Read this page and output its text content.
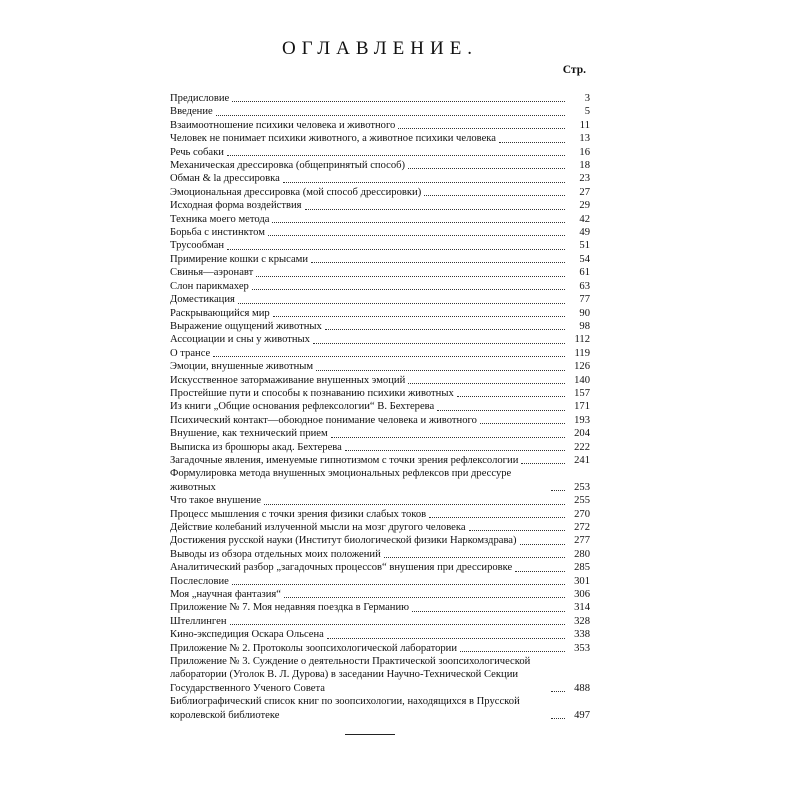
ОГЛАВЛЕНИЕ.
Стр.
Предисловие	3
Введение	5
Взаимоотношение психики человека и животного	11
Человек не понимает психики животного, а животное психики человека	13
Речь собаки	16
Механическая дрессировка (общепринятый способ)	18
Обман & la дрессировка	23
Эмоциональная дрессировка (мой способ дрессировки)	27
Исходная форма воздействия	29
Техника моего метода	42
Борьба с инстинктом	49
Трусообман	51
Примирение кошки с крысами	54
Свинья—аэронавт	61
Слон парикмахер	63
Доместикация	77
Раскрывающийся мир	90
Выражение ощущений животных	98
Ассоциации и сны у животных	112
О трансе	119
Эмоции, внушенные животным	126
Искусственное затормаживание внушенных эмоций	140
Простейшие пути и способы к познаванию психики животных	157
Из книги „Общие основания рефлексологии“ В. Бехтерева	171
Психический контакт—обоюдное понимание человека и животного	193
Внушение, как технический прием	204
Выписка из брошюры акад. Бехтерева	222
Загадочные явления, именуемые гипнотизмом с точки зрения рефлексологии	241
Формулировка метода внушенных эмоциональных рефлексов при дрессуре животных	253
Что такое внушение	255
Процесс мышления с точки зрения физики слабых токов	270
Действие колебаний излученной мысли на мозг другого человека	272
Достижения русской науки (Институт биологической физики Наркомздрава)	277
Выводы из обзора отдельных моих положений	280
Аналитический разбор „загадочных процессов“ внушения при дрессировке	285
Послесловие	301
Моя „научная фантазия“	306
Приложение № 7. Моя недавняя поездка в Германию	314
Штеллинген	328
Кино-экспедиция Оскара Ольсена	338
Приложение № 2. Протоколы зоопсихологической лаборатории	353
Приложение № 3. Суждение о деятельности Практической зоопсихологической лаборатории (Уголок В. Л. Дурова) в заседании Научно-Технической Секции Государственного Ученого Совета	488
Библиографический список книг по зоопсихологии, находящихся в Прусской королевской библиотеке	497
